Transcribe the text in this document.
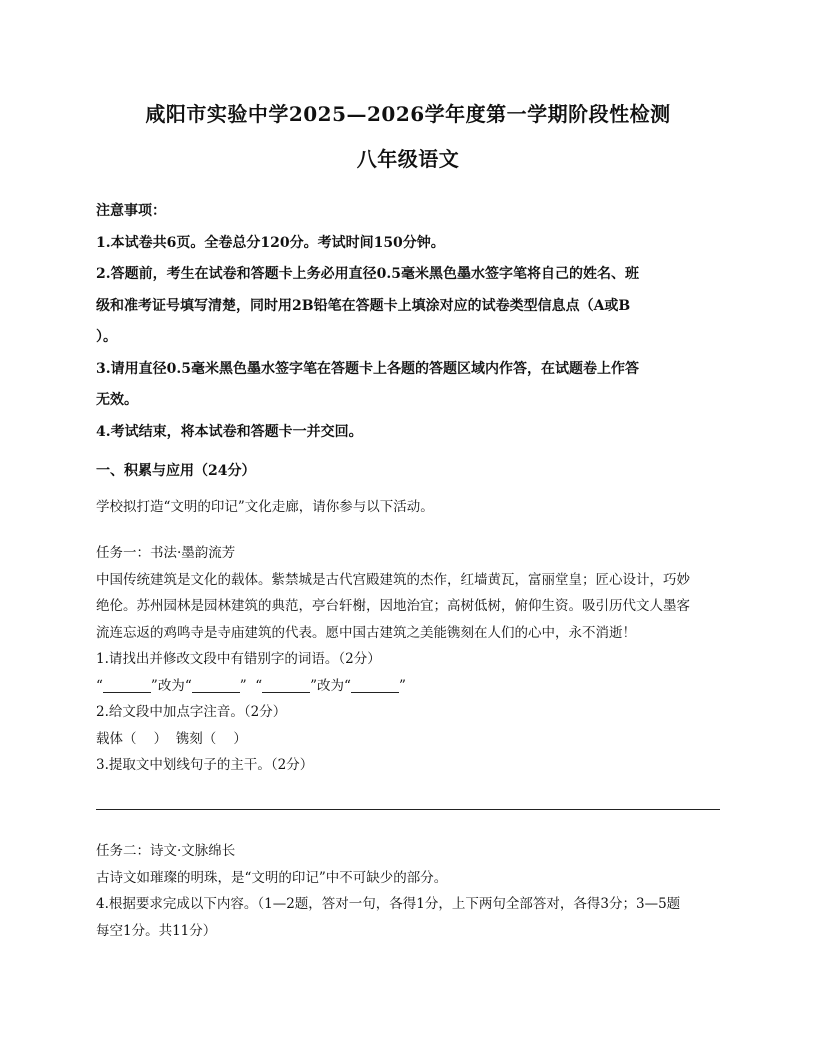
咸阳市实验中学2025—2026学年度第一学期阶段性检测
八年级语文

注意事项：

1.本试卷共6页。全卷总分120分。考试时间150分钟。

2.答题前，考生在试卷和答题卡上务必用直径0.5毫米黑色墨水签字笔将自己的姓名、班

级和准考证号填写清楚，同时用2B铅笔在答题卡上填涂对应的试卷类型信息点（A或B

）。

3.请用直径0.5毫米黑色墨水签字笔在答题卡上各题的答题区域内作答，在试题卷上作答

无效。

4.考试结束，将本试卷和答题卡一并交回。

一、积累与应用（24分）

学校拟打造“文明的印记”文化走廊，请你参与以下活动。

任务一：书法·墨韵流芳

中国传统建筑是文化的载体。紫禁城是古代宫殿建筑的杰作，红墙黄瓦，富丽堂皇；匠心设计，巧妙

绝伦。苏州园林是园林建筑的典范，亭台轩榭，因地治宜；高树低树，俯仰生资。吸引历代文人墨客

流连忘返的鸡鸣寺是寺庙建筑的代表。愿中国古建筑之美能镌刻在人们的心中，永不消逝！

1.请找出并修改文段中有错别字的词语。（2分）

“	”改为“	” “	”改为“	”

2.给文段中加点字注音。（2分）

载体（    ）  镌刻（    ）

3.提取文中划线句子的主干。（2分）

任务二：诗文·文脉绵长

古诗文如璀璨的明珠，是“文明的印记”中不可缺少的部分。

4.根据要求完成以下内容。（1—2题，答对一句，各得1分，上下两句全部答对，各得3分；3—5题

每空1分。共11分）
